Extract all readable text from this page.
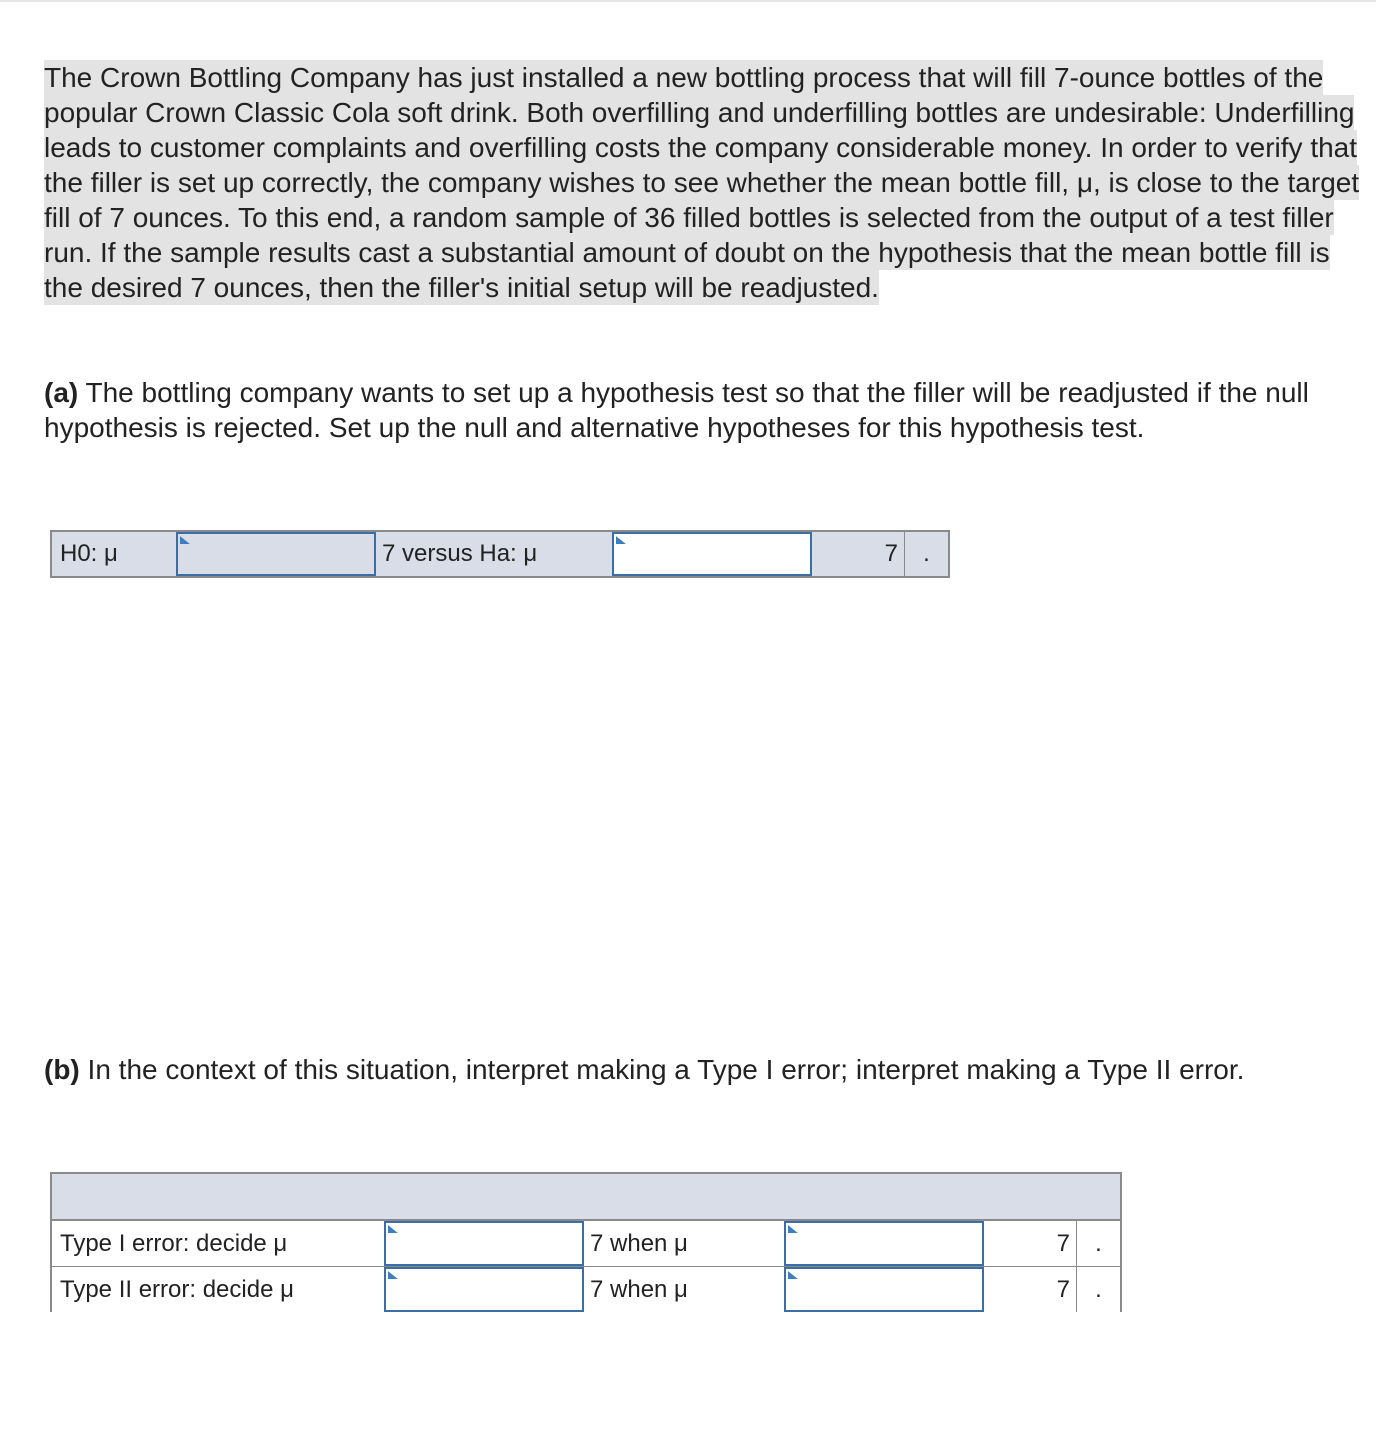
The Crown Bottling Company has just installed a new bottling process that will fill 7-ounce bottles of the popular Crown Classic Cola soft drink. Both overfilling and underfilling bottles are undesirable: Underfilling leads to customer complaints and overfilling costs the company considerable money. In order to verify that the filler is set up correctly, the company wishes to see whether the mean bottle fill, μ, is close to the target fill of 7 ounces. To this end, a random sample of 36 filled bottles is selected from the output of a test filler run. If the sample results cast a substantial amount of doubt on the hypothesis that the mean bottle fill is the desired 7 ounces, then the filler's initial setup will be readjusted.

(a) The bottling company wants to set up a hypothesis test so that the filler will be readjusted if the null hypothesis is rejected. Set up the null and alternative hypotheses for this hypothesis test.

H0: μ	7 versus Ha: μ	7	.

(b) In the context of this situation, interpret making a Type I error; interpret making a Type II error.

Type I error: decide μ	7 when μ	7	.
Type II error: decide μ	7 when μ	7	.
